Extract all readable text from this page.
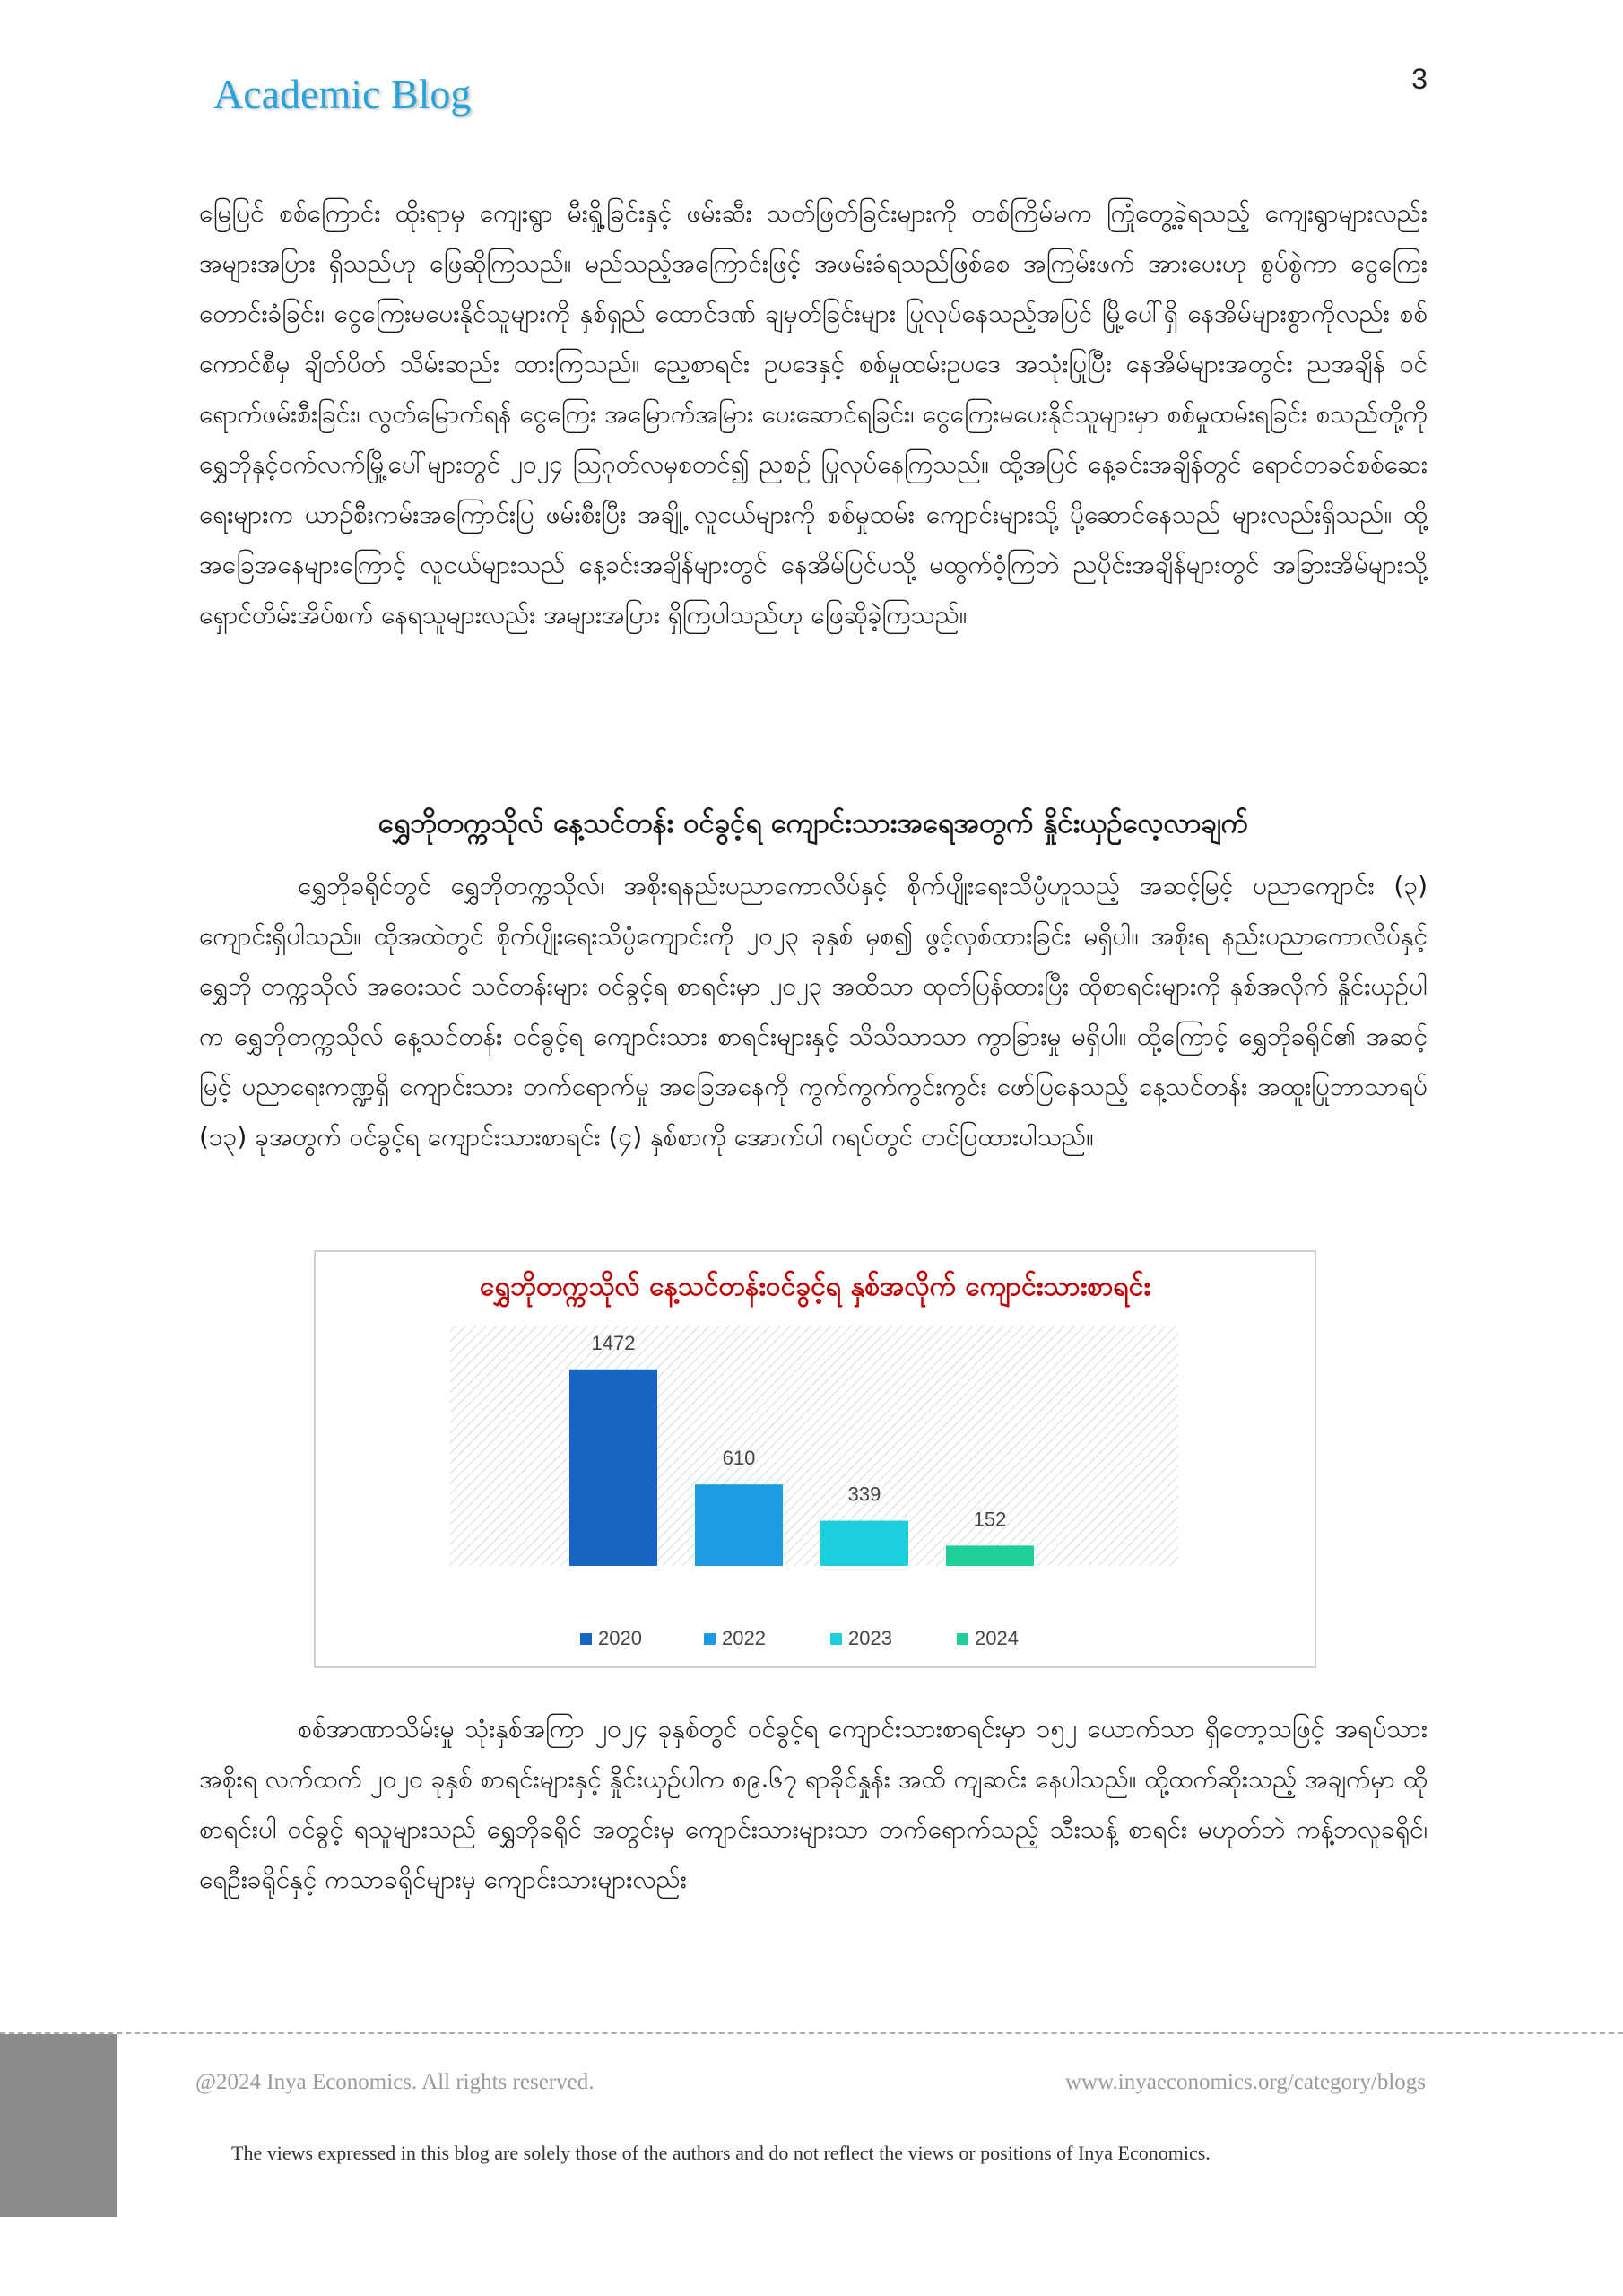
Academic Blog	3

မြေပြင် စစ်ကြောင်း ထိုးရာမှ ကျေးရွာ မီးရှို့ခြင်းနှင့် ဖမ်းဆီး သတ်ဖြတ်ခြင်းများကို တစ်ကြိမ်မက ကြုံတွေ့ခဲ့ရသည့် ကျေးရွာများလည်း အများအပြား ရှိသည်ဟု ဖြေဆိုကြသည်။ မည်သည့်အကြောင်းဖြင့် အဖမ်းခံရသည်ဖြစ်စေ အကြမ်းဖက် အားပေးဟု စွပ်စွဲကာ ငွေကြေး တောင်းခံခြင်း၊ ငွေကြေးမပေးနိုင်သူများကို နှစ်ရှည် ထောင်ဒဏ် ချမှတ်ခြင်းများ ပြုလုပ်နေသည့်အပြင် မြို့ပေါ်ရှိ နေအိမ်များစွာကိုလည်း စစ်ကောင်စီမှ ချိတ်ပိတ် သိမ်းဆည်း ထားကြသည်။ ညေ့စာရင်း ဥပဒေနှင့် စစ်မှုထမ်းဥပဒေ အသုံးပြုပြီး နေအိမ်များအတွင်း ညအချိန် ဝင်ရောက်ဖမ်းစီးခြင်း၊ လွတ်မြောက်ရန် ငွေကြေး အမြောက်အမြား ပေးဆောင်ရခြင်း၊ ငွေကြေးမပေးနိုင်သူများမှာ စစ်မှုထမ်းရခြင်း စသည်တို့ကို ရွှေဘိုနှင့်ဝက်လက်မြို့ပေါ်များတွင် ၂၀၂၄ ဩဂုတ်လမှစတင်၍ ညစဉ် ပြုလုပ်နေကြသည်။ ထို့အပြင် နေ့ခင်းအချိန်တွင် ရောင်တခင်စစ်ဆေးရေးများက ယာဉ်စီးကမ်းအကြောင်းပြ ဖမ်းစီးပြီး အချို့ လူငယ်များကို စစ်မှုထမ်း ကျောင်းများသို့ ပို့ဆောင်နေသည် များလည်းရှိသည်။ ထို့အခြေအနေများကြောင့် လူငယ်များသည် နေ့ခင်းအချိန်များတွင် နေအိမ်ပြင်ပသို့ မထွက်ဝံ့ကြဘဲ ညပိုင်းအချိန်များတွင် အခြားအိမ်များသို့ ရှောင်တိမ်းအိပ်စက် နေရသူများလည်း အများအပြား ရှိကြပါသည်ဟု ဖြေဆိုခဲ့ကြသည်။

ရွှေဘိုတက္ကသိုလ် နေ့သင်တန်း ဝင်ခွင့်ရ ကျောင်းသားအရေအတွက် နှိုင်းယှဉ်လေ့လာချက်

ရွှေဘိုခရိုင်တွင် ရွှေဘိုတက္ကသိုလ်၊ အစိုးရနည်းပညာကောလိပ်နှင့် စိုက်ပျိုးရေးသိပ္ပံဟူသည့် အဆင့်မြင့် ပညာကျောင်း (၃) ကျောင်းရှိပါသည်။ ထိုအထဲတွင် စိုက်ပျိုးရေးသိပ္ပံကျောင်းကို ၂၀၂၃ ခုနှစ် မှစ၍ ဖွင့်လှစ်ထားခြင်း မရှိပါ။ အစိုးရ နည်းပညာကောလိပ်နှင့် ရွှေဘို တက္ကသိုလ် အဝေးသင် သင်တန်းများ ဝင်ခွင့်ရ စာရင်းမှာ ၂၀၂၃ အထိသာ ထုတ်ပြန်ထားပြီး ထိုစာရင်းများကို နှစ်အလိုက် နှိုင်းယှဉ်ပါက ရွှေဘိုတက္ကသိုလ် နေ့သင်တန်း ဝင်ခွင့်ရ ကျောင်းသား စာရင်းများနှင့် သိသိသာသာ ကွာခြားမှု မရှိပါ။ ထို့ကြောင့် ရွှေဘိုခရိုင်၏ အဆင့်မြင့် ပညာရေးကဏ္ဍရှိ ကျောင်းသား တက်ရောက်မှု အခြေအနေကို ကွက်ကွက်ကွင်းကွင်း ဖော်ပြနေသည့် နေ့သင်တန်း အထူးပြုဘာသာရပ် (၁၃) ခုအတွက် ဝင်ခွင့်ရ ကျောင်းသားစာရင်း (၄) နှစ်စာကို အောက်ပါ ဂရပ်တွင် တင်ပြထားပါသည်။

ရွှေဘိုတက္ကသိုလ် နေ့သင်တန်းဝင်ခွင့်ရ နှစ်အလိုက် ကျောင်းသားစာရင်း
1472
610
339
152
2020	2022	2023	2024

စစ်အာဏာသိမ်းမှု သုံးနှစ်အကြာ ၂၀၂၄ ခုနှစ်တွင် ဝင်ခွင့်ရ ကျောင်းသားစာရင်းမှာ ၁၅၂ ယောက်သာ ရှိတော့သဖြင့် အရပ်သား အစိုးရ လက်ထက် ၂၀၂၀ ခုနှစ် စာရင်းများနှင့် နှိုင်းယှဉ်ပါက ၈၉.၆၇ ရာခိုင်နှုန်း အထိ ကျဆင်း နေပါသည်။ ထို့ထက်ဆိုးသည့် အချက်မှာ ထိုစာရင်းပါ ဝင်ခွင့် ရသူများသည် ရွှေဘိုခရိုင် အတွင်းမှ ကျောင်းသားများသာ တက်ရောက်သည့် သီးသန့် စာရင်း မဟုတ်ဘဲ ကန့်ဘလူခရိုင်၊ ရေဦးခရိုင်နှင့် ကသာခရိုင်များမှ ကျောင်းသားများလည်း

@2024 Inya Economics. All rights reserved.	www.inyaeconomics.org/category/blogs
The views expressed in this blog are solely those of the authors and do not reflect the views or positions of Inya Economics.
